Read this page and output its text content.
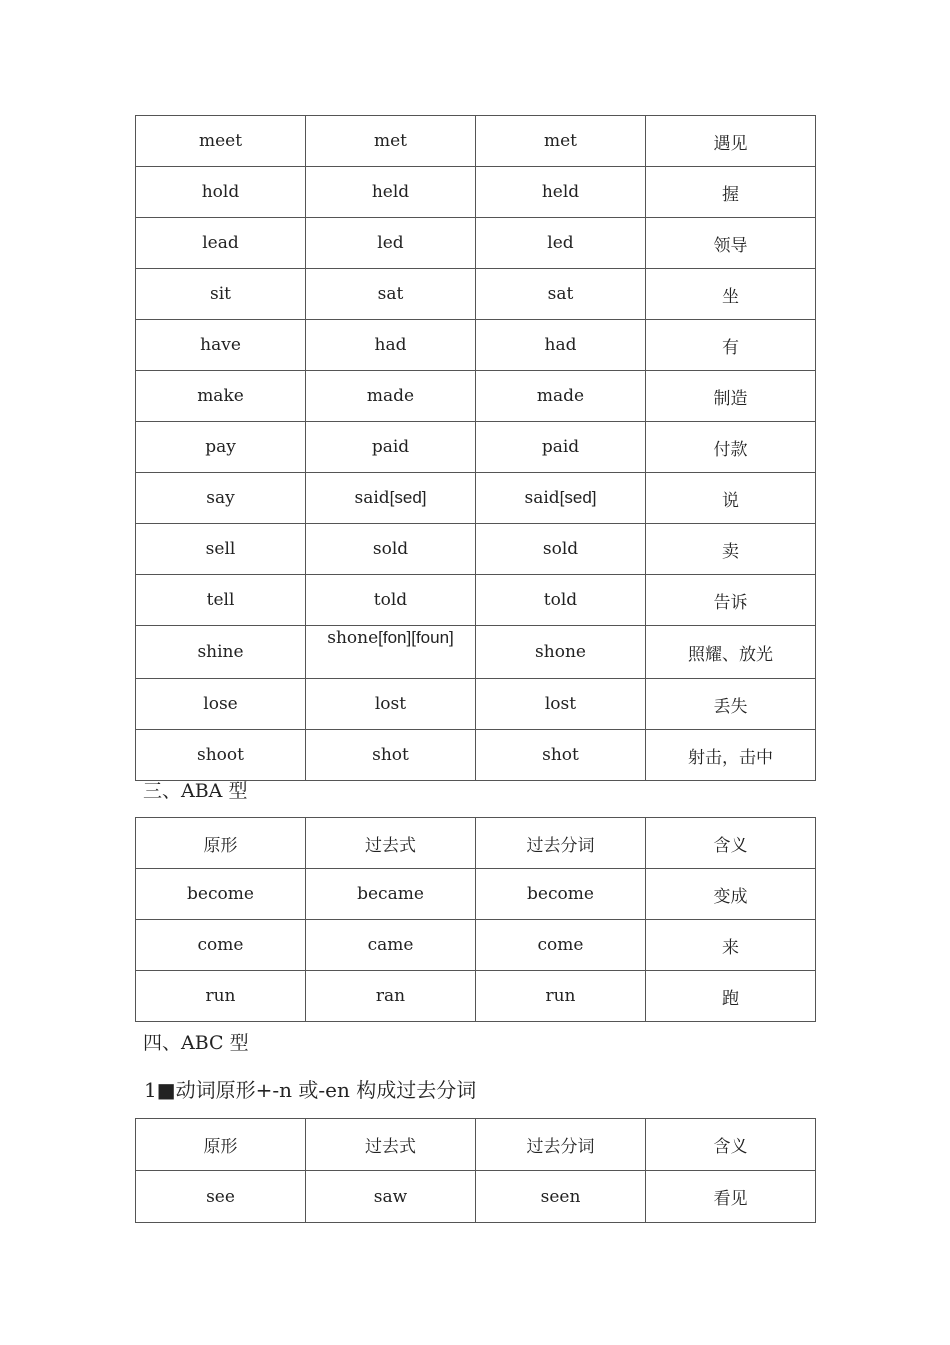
meet	met	met	遇见
hold	held	held	握
lead	led	led	领导
sit	sat	sat	坐
have	had	had	有
make	made	made	制造
pay	paid	paid	付款
say	said[sed]	said[sed]	说
sell	sold	sold	卖
tell	told	told	告诉
shine	shone[fon][foun]	shone	照耀、放光
lose	lost	lost	丢失
shoot	shot	shot	射击，击中
三、ABA 型
原形	过去式	过去分词	含义
become	became	become	变成
come	came	come	来
run	ran	run	跑
四、ABC 型
1■动词原形+-n 或-en 构成过去分词
原形	过去式	过去分词	含义
see	saw	seen	看见
